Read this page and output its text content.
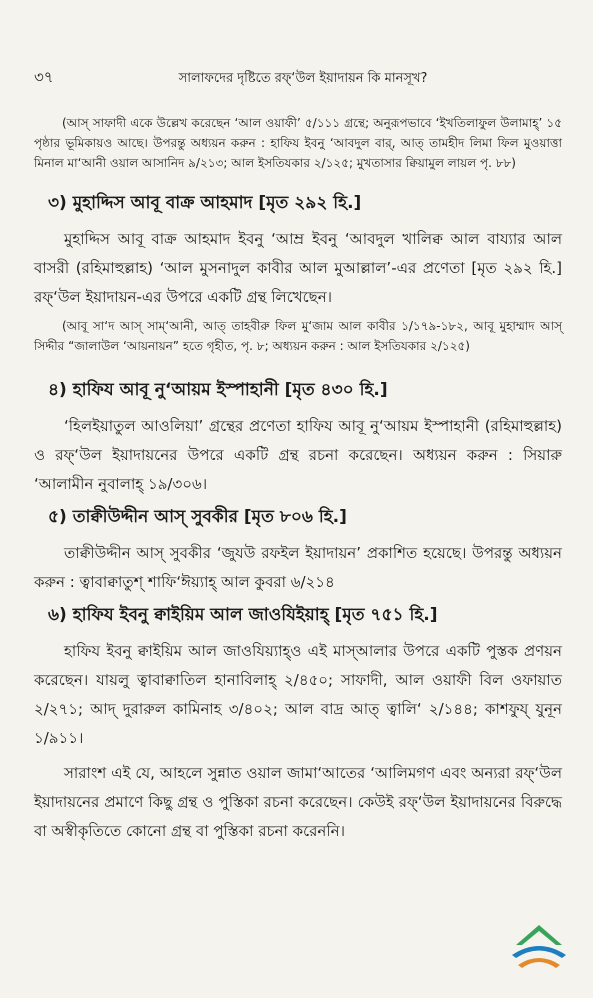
৩৭	সালাফদের দৃষ্টিতে রফ্‘উল ইয়াদায়ন কি মানসূখ?

(আস্ সাফাদী একে উল্লেখ করেছেন ‘আল ওয়াফী’ ৫/১১১ গ্রন্থে; অনুরূপভাবে ‘ইখতিলাফুল উলামাহ্’ ১৫ পৃষ্ঠার ভূমিকায়ও আছে। উপরন্তু অধ্যয়ন করুন : হাফিয ইবনু ‘আবদুল বার্, আত্ তামহীদ লিমা ফিল মুওয়াত্তা মিনাল মা‘আনী ওয়াল আসানিদ ৯/২১৩; আল ইসতিযকার ২/১২৫; মুখতাসার ক্বিয়ামুল লায়ল পৃ. ৮৮)

৩) মুহাদ্দিস আবূ বাক্র আহমাদ [মৃত ২৯২ হি.]

মুহাদ্দিস আবূ বাক্র আহমাদ ইবনু ‘আম্র ইবনু ‘আবদুল খালিক্ব আল বায্যার আল বাসরী (রহিমাহুল্লাহ) ‘আল মুসনাদুল কাবীর আল মুআল্লাল’-এর প্রণেতা [মৃত ২৯২ হি.] রফ্‘উল ইয়াদায়ন-এর উপরে একটি গ্রন্থ লিখেছেন।

(আবূ সা‘দ আস্ সাম্‘আনী, আত্ তাহবীরু ফিল মু‘জাম আল কাবীর ১/১৭৯-১৮২, আবূ মুহাম্মাদ আস্ সিদ্দীর “জালাউল ‘আয়নায়ন” হতে গৃহীত, পৃ. ৮; অধ্যয়ন করুন : আল ইসতিযকার ২/১২৫)

৪) হাফিয আবূ নু‘আয়ম ইস্পাহানী [মৃত ৪৩০ হি.]

‘হিলইয়াতুল আওলিয়া’ গ্রন্থের প্রণেতা হাফিয আবূ নু‘আয়ম ইস্পাহানী (রহিমাহুল্লাহ) ও রফ্‘উল ইয়াদায়নের উপরে একটি গ্রন্থ রচনা করেছেন। অধ্যয়ন করুন : সিয়ারু ‘আলামীন নুবালাহ্ ১৯/৩০৬।

৫) তাক্বীউদ্দীন আস্ সুবকীর [মৃত ৮০৬ হি.]

তাক্বীউদ্দীন আস্ সুবকীর ‘জুযউ রফইল ইয়াদায়ন’ প্রকাশিত হয়েছে। উপরন্তু অধ্যয়ন করুন : ত্বাবাক্বাতুশ্ শাফি‘ঈয়্যাহ্ আল কুবরা ৬/২১৪

৬) হাফিয ইবনু ক্বাইয়িম আল জাওযিইয়াহ্ [মৃত ৭৫১ হি.]

হাফিয ইবনু ক্বাইয়িম আল জাওযিয়্যাহ্ও এই মাস্আলার উপরে একটি পুস্তক প্রণয়ন করেছেন। যায়লু ত্বাবাক্বাতিল হানাবিলাহ্ ২/৪৫০; সাফাদী, আল ওয়াফী বিল ওফায়াত ২/২৭১; আদ্ দুরারুল কামিনাহ ৩/৪০২; আল বাদ্র আত্ ত্বালি‘ ২/১৪৪; কাশফুয্ যুনূন ১/৯১১।

সারাংশ এই যে, আহলে সুন্নাত ওয়াল জামা‘আতের ‘আলিমগণ এবং অন্যরা রফ্‘উল ইয়াদায়নের প্রমাণে কিছু গ্রন্থ ও পুস্তিকা রচনা করেছেন। কেউই রফ্‘উল ইয়াদায়নের বিরুদ্ধে বা অস্বীকৃতিতে কোনো গ্রন্থ বা পুস্তিকা রচনা করেননি।
